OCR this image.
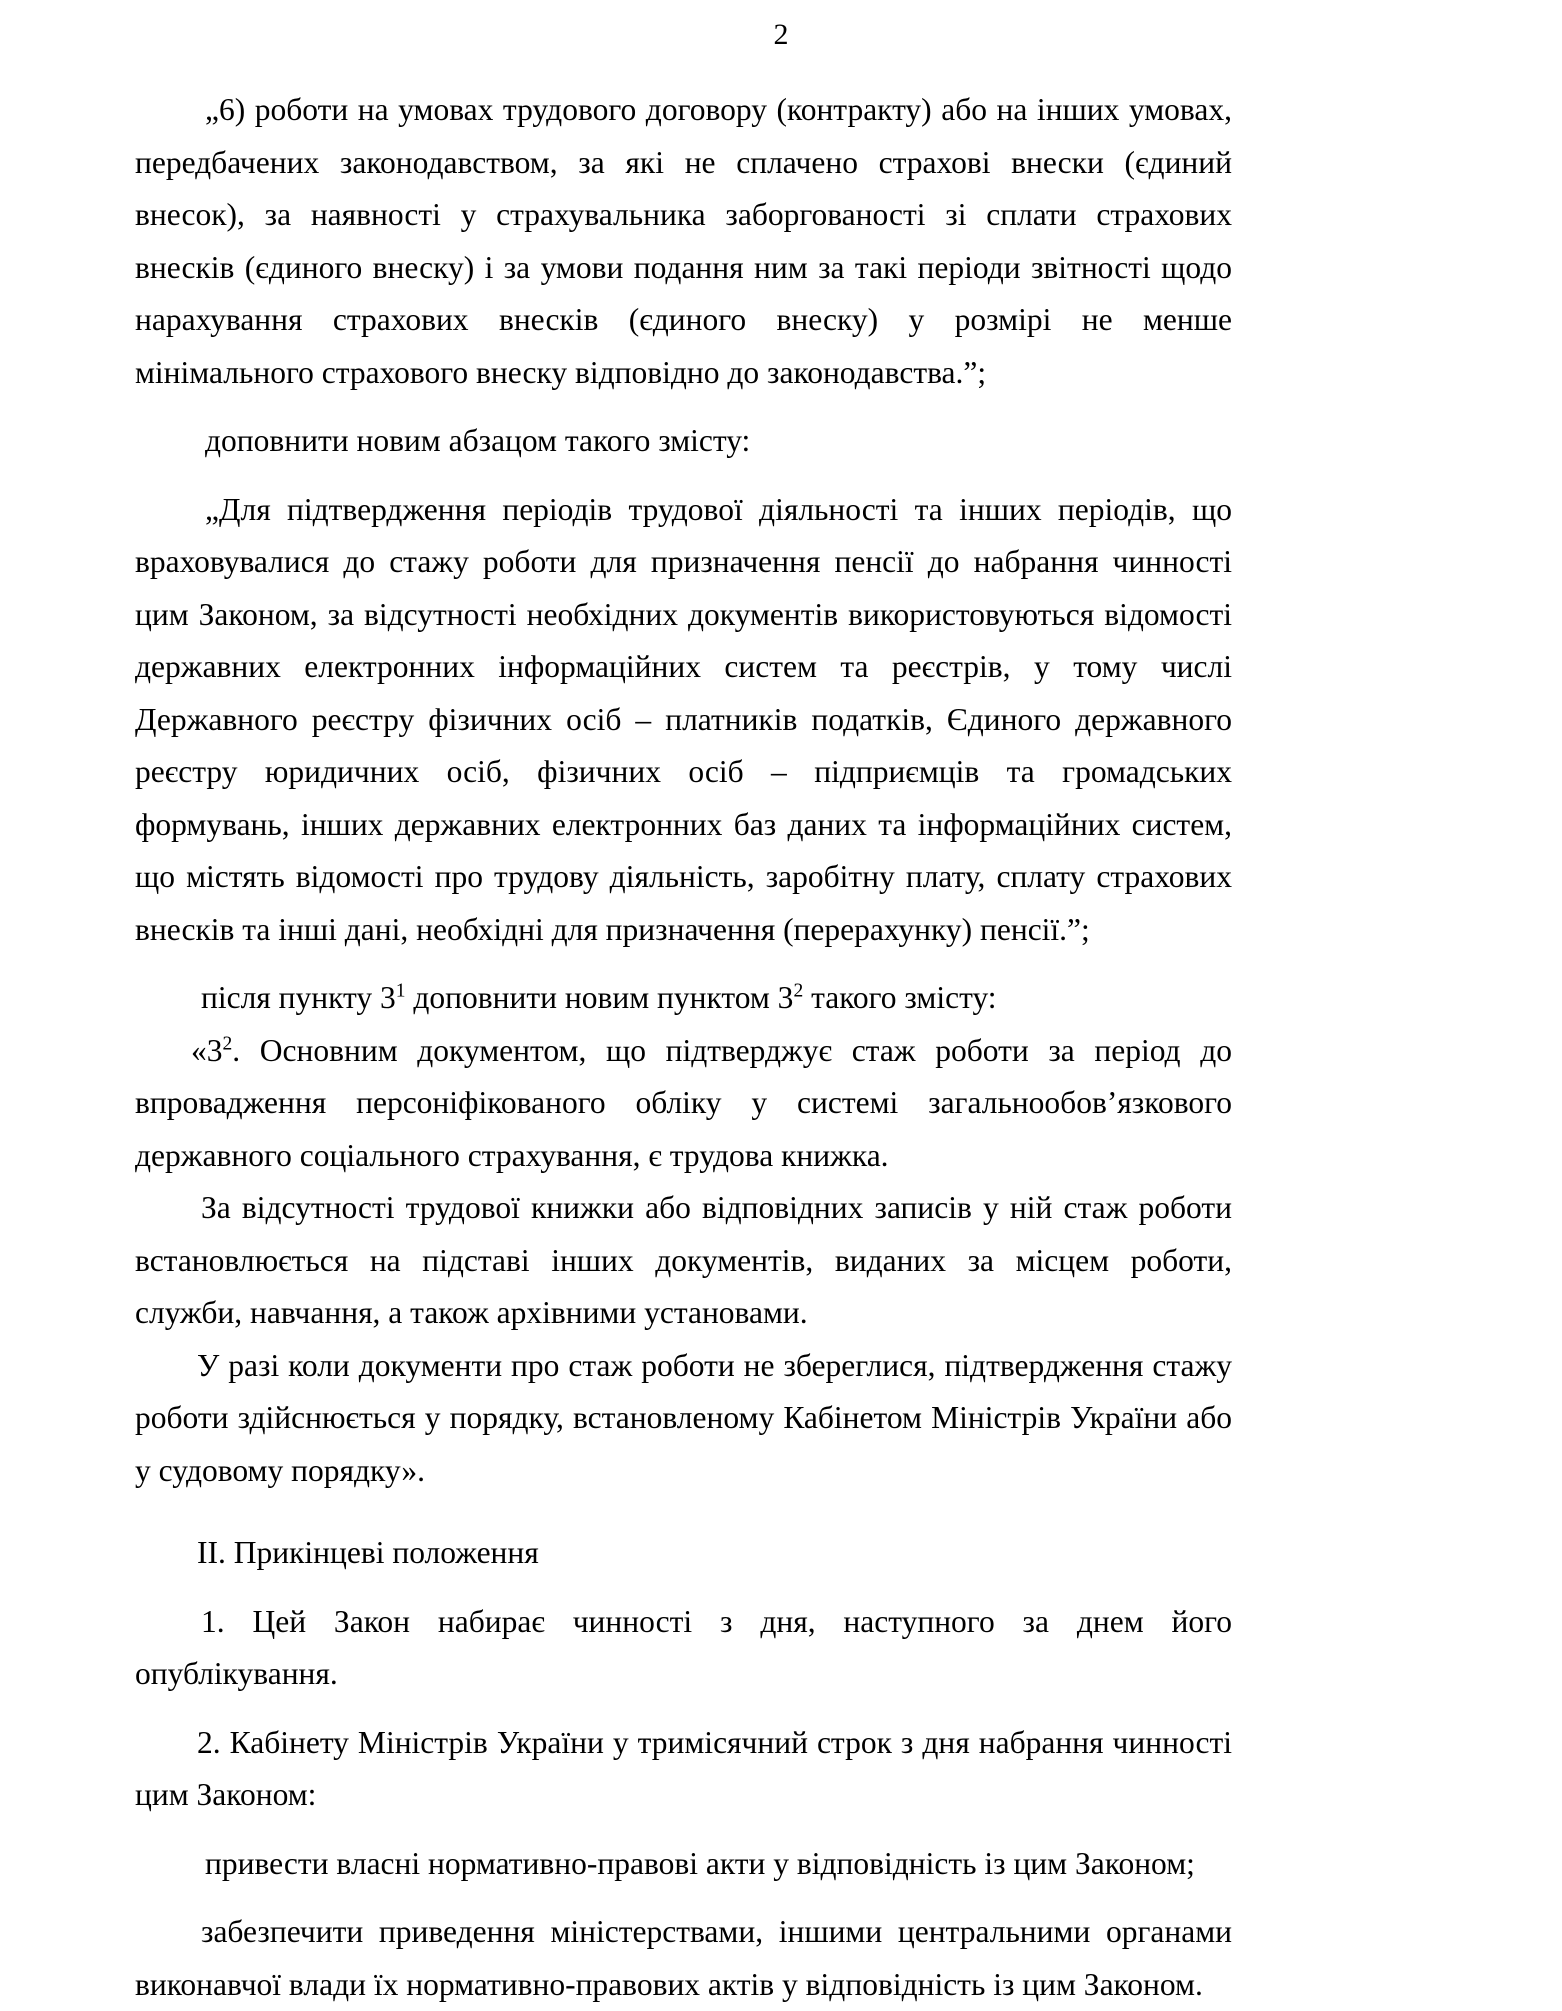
2

„6) роботи на умовах трудового договору (контракту) або на інших умовах, передбачених законодавством, за які не сплачено страхові внески (єдиний внесок), за наявності у страхувальника заборгованості зі сплати страхових внесків (єдиного внеску) і за умови подання ним за такі періоди звітності щодо нарахування страхових внесків (єдиного внеску) у розмірі не менше мінімального страхового внеску відповідно до законодавства.”;

доповнити новим абзацом такого змісту:

„Для підтвердження періодів трудової діяльності та інших періодів, що враховувалися до стажу роботи для призначення пенсії до набрання чинності цим Законом, за відсутності необхідних документів використовуються відомості державних електронних інформаційних систем та реєстрів, у тому числі Державного реєстру фізичних осіб – платників податків, Єдиного державного реєстру юридичних осіб, фізичних осіб – підприємців та громадських формувань, інших державних електронних баз даних та інформаційних систем, що містять відомості про трудову діяльність, заробітну плату, сплату страхових внесків та інші дані, необхідні для призначення (перерахунку) пенсії.”;

після пункту $3^1$ доповнити новим пунктом $3^2$ такого змісту:

«$3^2$. Основним документом, що підтверджує стаж роботи за період до впровадження персоніфікованого обліку у системі загальнообов’язкового державного соціального страхування, є трудова книжка.

За відсутності трудової книжки або відповідних записів у ній стаж роботи встановлюється на підставі інших документів, виданих за місцем роботи, служби, навчання, а також архівними установами.

У разі коли документи про стаж роботи не збереглися, підтвердження стажу роботи здійснюється у порядку, встановленому Кабінетом Міністрів України або у судовому порядку».

ІІ. Прикінцеві положення

1. Цей Закон набирає чинності з дня, наступного за днем його опублікування.

2. Кабінету Міністрів України у тримісячний строк з дня набрання чинності цим Законом:

привести власні нормативно-правові акти у відповідність із цим Законом;

забезпечити приведення міністерствами, іншими центральними органами виконавчої влади їх нормативно-правових актів у відповідність із цим Законом.
